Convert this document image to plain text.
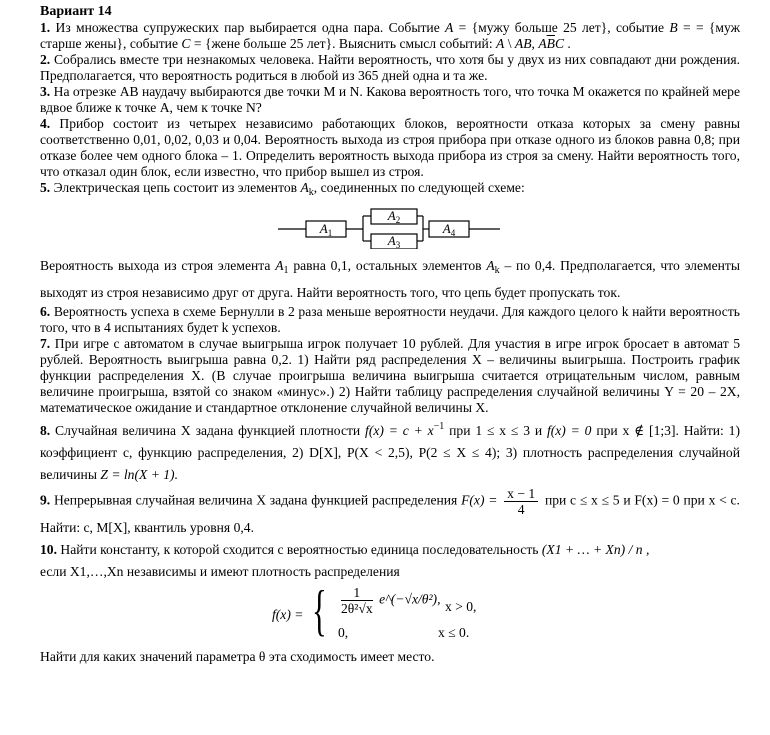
Вариант 14

1. Из множества супружеских пар выбирается одна пара. Событие A = {мужу больше 25 лет}, событие B = = {муж старше жены}, событие C = {жене больше 25 лет}. Выяснить смысл событий: A \ AB, $A\overline{B}C$ .

2. Собрались вместе три незнакомых человека. Найти вероятность, что хотя бы у двух из них совпадают дни рождения. Предполагается, что вероятность родиться в любой из 365 дней одна и та же.

3. На отрезке AB наудачу выбираются две точки M и N. Какова вероятность того, что точка M окажется по крайней мере вдвое ближе к точке A, чем к точке N?

4. Прибор состоит из четырех независимо работающих блоков, вероятности отказа которых за смену равны соответственно 0,01, 0,02, 0,03 и 0,04. Вероятность выхода из строя прибора при отказе одного из блоков равна 0,8; при отказе более чем одного блока – 1. Определить вероятность выхода прибора из строя за смену. Найти вероятность того, что отказал один блок, если известно, что прибор вышел из строя.

5. Электрическая цепь состоит из элементов $A_k$, соединенных по следующей схеме:

$A_1$
$A_2$
$A_3$
$A_4$

Вероятность выхода из строя элемента $A_1$ равна 0,1, остальных элементов $A_k$ – по 0,4. Предполагается, что элементы выходят из строя независимо друг от друга. Найти вероятность того, что цепь будет пропускать ток.

6. Вероятность успеха в схеме Бернулли в 2 раза меньше вероятности неудачи. Для каждого целого k найти вероятность того, что в 4 испытаниях будет k успехов.

7. При игре с автоматом в случае выигрыша игрок получает 10 рублей. Для участия в игре игрок бросает в автомат 5 рублей. Вероятность выигрыша равна 0,2. 1) Найти ряд распределения X – величины выигрыша. Построить график функции распределения X. (В случае проигрыша величина выигрыша считается отрицательным числом, равным величине проигрыша, взятой со знаком «минус».) 2) Найти таблицу распределения случайной величины Y = 20 – 2X, математическое ожидание и стандартное отклонение случайной величины X.

8. Случайная величина X задана функцией плотности $f(x) = c + x^{-1}$ при 1 ≤ x ≤ 3 и f(x) = 0 при x ∉ [1;3]. Найти: 1) коэффициент c, функцию распределения, 2) D[X], P(X < 2,5), P(2 ≤ X ≤ 4); 3) плотность распределения случайной величины Z = ln(X + 1).

9. Непрерывная случайная величина X задана функцией распределения $F(x) = \frac{x - 1}{4}$ при c ≤ x ≤ 5 и F(x) = 0 при x < c. Найти: c, M[X], квантиль уровня 0,4.

10. Найти константу, к которой сходится с вероятностью единица последовательность (X1 + … + Xn) / n ,

если X1,…,Xn независимы и имеют плотность распределения

f(x) = { $\frac{1}{\text{2θ²√x}}$ e^(−√x/θ²), x > 0,
0,	x ≤ 0.

Найти для каких значений параметра θ эта сходимость имеет место.
